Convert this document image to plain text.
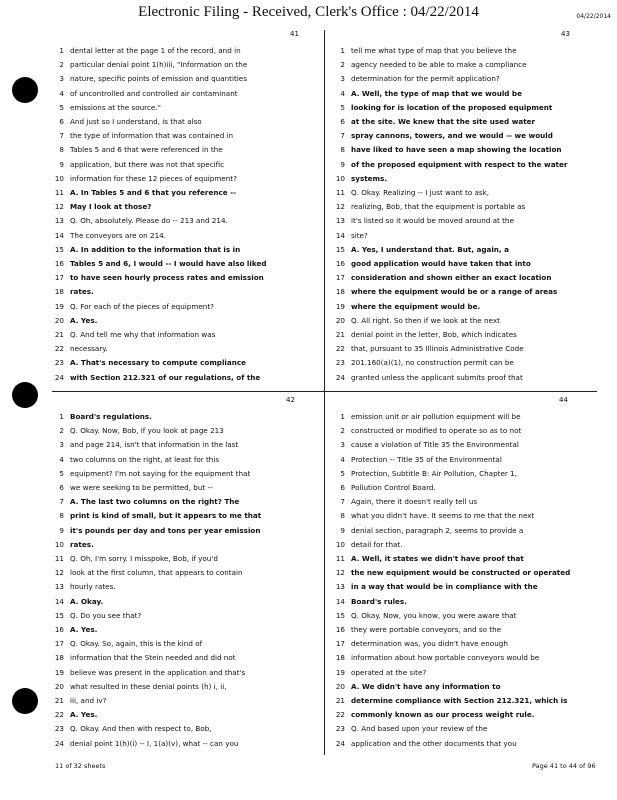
Electronic Filing - Received, Clerk's Office : 04/22/2014	04/22/2014
41
1 dental letter at the page 1 of the record, and in
2 particular denial point 1(h)iii, "Information on the
3 nature, specific points of emission and quantities
4 of uncontrolled and controlled air contaminant
5 emissions at the source."
6 And just so I understand, is that also
7 the type of information that was contained in
8 Tables 5 and 6 that were referenced in the
9 application, but there was not that specific
10 information for these 12 pieces of equipment?
11 A. In Tables 5 and 6 that you reference --
12 May I look at those?
13 Q. Oh, absolutely. Please do -- 213 and 214.
14 The conveyors are on 214.
15 A. In addition to the information that is in
16 Tables 5 and 6, I would -- I would have also liked
17 to have seen hourly process rates and emission
18 rates.
19 Q. For each of the pieces of equipment?
20 A. Yes.
21 Q. And tell me why that information was
22 necessary.
23 A. That's necessary to compute compliance
24 with Section 212.321 of our regulations, of the
43
1 tell me what type of map that you believe the
2 agency needed to be able to make a compliance
3 determination for the permit application?
4 A. Well, the type of map that we would be
5 looking for is location of the proposed equipment
6 at the site. We knew that the site used water
7 spray cannons, towers, and we would -- we would
8 have liked to have seen a map showing the location
9 of the proposed equipment with respect to the water
10 systems.
11 Q. Okay. Realizing -- I just want to ask,
12 realizing, Bob, that the equipment is portable as
13 it's listed so it would be moved around at the
14 site?
15 A. Yes, I understand that. But, again, a
16 good application would have taken that into
17 consideration and shown either an exact location
18 where the equipment would be or a range of areas
19 where the equipment would be.
20 Q. All right. So then if we look at the next
21 denial point in the letter, Bob, which indicates
22 that, pursuant to 35 Illinois Administrative Code
23 201.160(a)(1), no construction permit can be
24 granted unless the applicant submits proof that
42
1 Board's regulations.
2 Q. Okay. Now, Bob, if you look at page 213
3 and page 214, isn't that information in the last
4 two columns on the right, at least for this
5 equipment? I'm not saying for the equipment that
6 we were seeking to be permitted, but --
7 A. The last two columns on the right? The
8 print is kind of small, but it appears to me that
9 it's pounds per day and tons per year emission
10 rates.
11 Q. Oh, I'm sorry. I misspoke, Bob, if you'd
12 look at the first column, that appears to contain
13 hourly rates.
14 A. Okay.
15 Q. Do you see that?
16 A. Yes.
17 Q. Okay. So, again, this is the kind of
18 information that the Stein needed and did not
19 believe was present in the application and that's
20 what resulted in these denial points (h) i, ii,
21 iii, and iv?
22 A. Yes.
23 Q. Okay. And then with respect to, Bob,
24 denial point 1(h)(i) -- I, 1(a)(v), what -- can you
44
1 emission unit or air pollution equipment will be
2 constructed or modified to operate so as to not
3 cause a violation of Title 35 the Environmental
4 Protection -- Title 35 of the Environmental
5 Protection, Subtitle B: Air Pollution, Chapter 1,
6 Pollution Control Board.
7 Again, there it doesn't really tell us
8 what you didn't have. It seems to me that the next
9 denial section, paragraph 2, seems to provide a
10 detail for that.
11 A. Well, it states we didn't have proof that
12 the new equipment would be constructed or operated
13 in a way that would be in compliance with the
14 Board's rules.
15 Q. Okay. Now, you know, you were aware that
16 they were portable conveyors, and so the
17 determination was, you didn't have enough
18 information about how portable conveyors would be
19 operated at the site?
20 A. We didn't have any information to
21 determine compliance with Section 212.321, which is
22 commonly known as our process weight rule.
23 Q. And based upon your review of the
24 application and the other documents that you
11 of 32 sheets	Page 41 to 44 of 96
